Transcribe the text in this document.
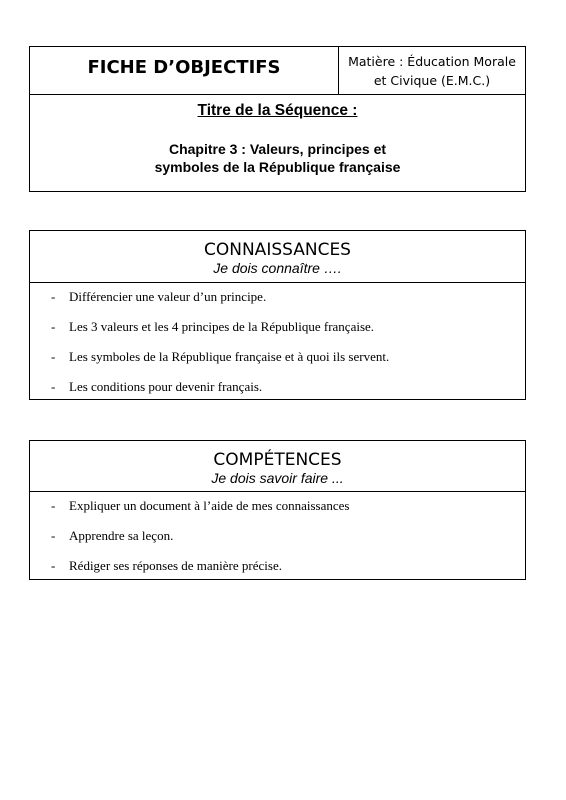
FICHE D’OBJECTIFS	Matière : Éducation Morale
et Civique (E.M.C.)
Titre de la Séquence :
Chapitre 3 : Valeurs, principes et
symboles de la République française
CONNAISSANCES
Je dois connaître ….
- Différencier une valeur d’un principe.
- Les 3 valeurs et les 4 principes de la République française.
- Les symboles de la République française et à quoi ils servent.
- Les conditions pour devenir français.
COMPÉTENCES
Je dois savoir faire ...
- Expliquer un document à l’aide de mes connaissances
- Apprendre sa leçon.
- Rédiger ses réponses de manière précise.
